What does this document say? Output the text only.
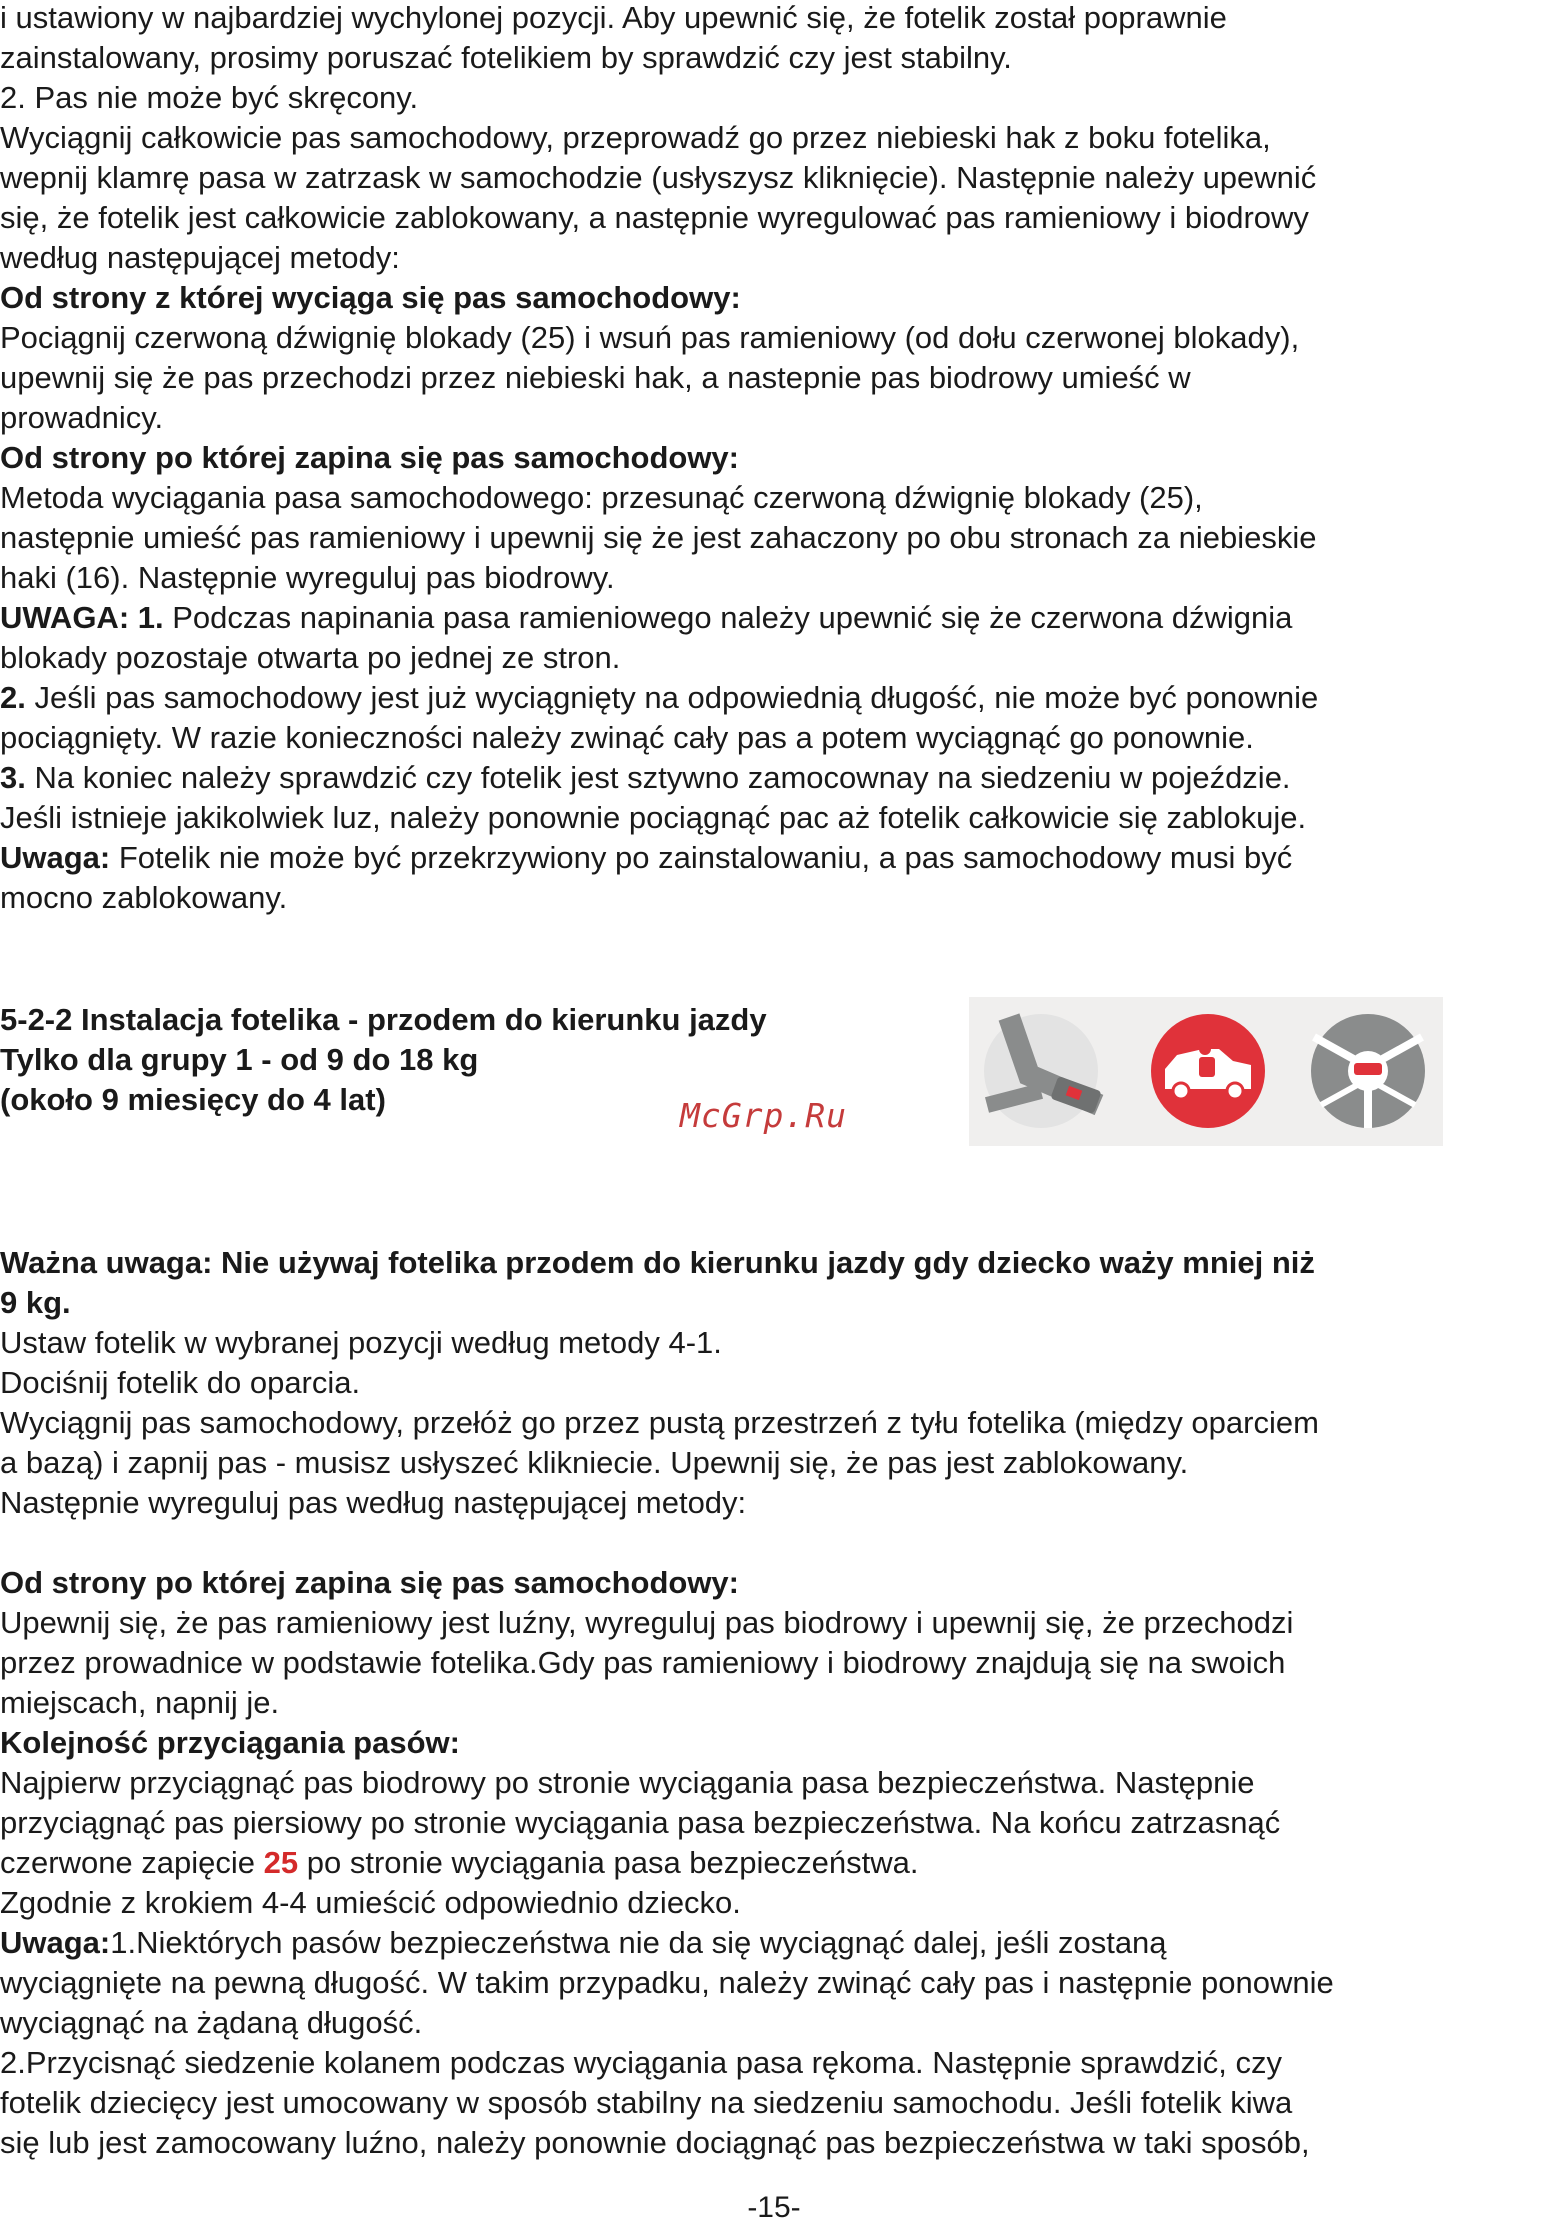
i ustawiony w najbardziej wychylonej pozycji. Aby upewnić się, że fotelik został poprawnie

zainstalowany, prosimy poruszać fotelikiem by sprawdzić czy jest stabilny.

2. Pas nie może być skręcony.

Wyciągnij całkowicie pas samochodowy, przeprowadź go przez niebieski hak z boku fotelika,

wepnij klamrę pasa w zatrzask w samochodzie (usłyszysz kliknięcie). Następnie należy upewnić

się, że fotelik jest całkowicie zablokowany, a następnie wyregulować pas ramieniowy i biodrowy

według następującej metody:

Od strony z której wyciąga się pas samochodowy:

Pociągnij czerwoną dźwignię blokady (25) i wsuń pas ramieniowy (od dołu czerwonej blokady),

upewnij się że pas przechodzi przez niebieski hak, a nastepnie pas biodrowy umieść w

prowadnicy.

Od strony po której zapina się pas samochodowy:

Metoda wyciągania pasa samochodowego: przesunąć czerwoną dźwignię blokady (25),

następnie umieść pas ramieniowy i upewnij się że jest zahaczony po obu stronach za niebieskie

haki (16). Następnie wyreguluj pas biodrowy.

UWAGA: 1. Podczas napinania pasa ramieniowego należy upewnić się że czerwona dźwignia

blokady pozostaje otwarta po jednej ze stron.

2. Jeśli pas samochodowy jest już wyciągnięty na odpowiednią długość, nie może być ponownie

pociągnięty. W razie konieczności należy zwinąć cały pas a potem wyciągnąć go ponownie.

3. Na koniec należy sprawdzić czy fotelik jest sztywno zamocownay na siedzeniu w pojeździe.

Jeśli istnieje jakikolwiek luz, należy ponownie pociągnąć pac aż fotelik całkowicie się zablokuje.

Uwaga: Fotelik nie może być przekrzywiony po zainstalowaniu, a pas samochodowy musi być

mocno zablokowany.

5-2-2 Instalacja fotelika - przodem do kierunku jazdy

Tylko dla grupy 1 - od 9 do 18 kg

(około 9 miesięcy do 4 lat)	McGrp.Ru

Ważna uwaga: Nie używaj fotelika przodem do kierunku jazdy gdy dziecko waży mniej niż

9 kg.

Ustaw fotelik w wybranej pozycji według metody 4-1.

Dociśnij fotelik do oparcia.

Wyciągnij pas samochodowy, przełóż go przez pustą przestrzeń z tyłu fotelika (między oparciem

a bazą) i zapnij pas - musisz usłyszeć klikniecie. Upewnij się, że pas jest zablokowany.

Następnie wyreguluj pas według następującej metody:

Od strony po której zapina się pas samochodowy:

Upewnij się, że pas ramieniowy jest luźny, wyreguluj pas biodrowy i upewnij się, że przechodzi

przez prowadnice w podstawie fotelika.Gdy pas ramieniowy i biodrowy znajdują się na swoich

miejscach, napnij je.

Kolejność przyciągania pasów:

Najpierw przyciągnąć pas biodrowy po stronie wyciągania pasa bezpieczeństwa. Następnie

przyciągnąć pas piersiowy po stronie wyciągania pasa bezpieczeństwa. Na końcu zatrzasnąć

czerwone zapięcie 25 po stronie wyciągania pasa bezpieczeństwa.

Zgodnie z krokiem 4-4 umieścić odpowiednio dziecko.

Uwaga:1.Niektórych pasów bezpieczeństwa nie da się wyciągnąć dalej, jeśli zostaną

wyciągnięte na pewną długość. W takim przypadku, należy zwinąć cały pas i następnie ponownie

wyciągnąć na żądaną długość.

2.Przycisnąć siedzenie kolanem podczas wyciągania pasa rękoma. Następnie sprawdzić, czy

fotelik dziecięcy jest umocowany w sposób stabilny na siedzeniu samochodu. Jeśli fotelik kiwa

się lub jest zamocowany luźno, należy ponownie dociągnąć pas bezpieczeństwa w taki sposób,

-15-
